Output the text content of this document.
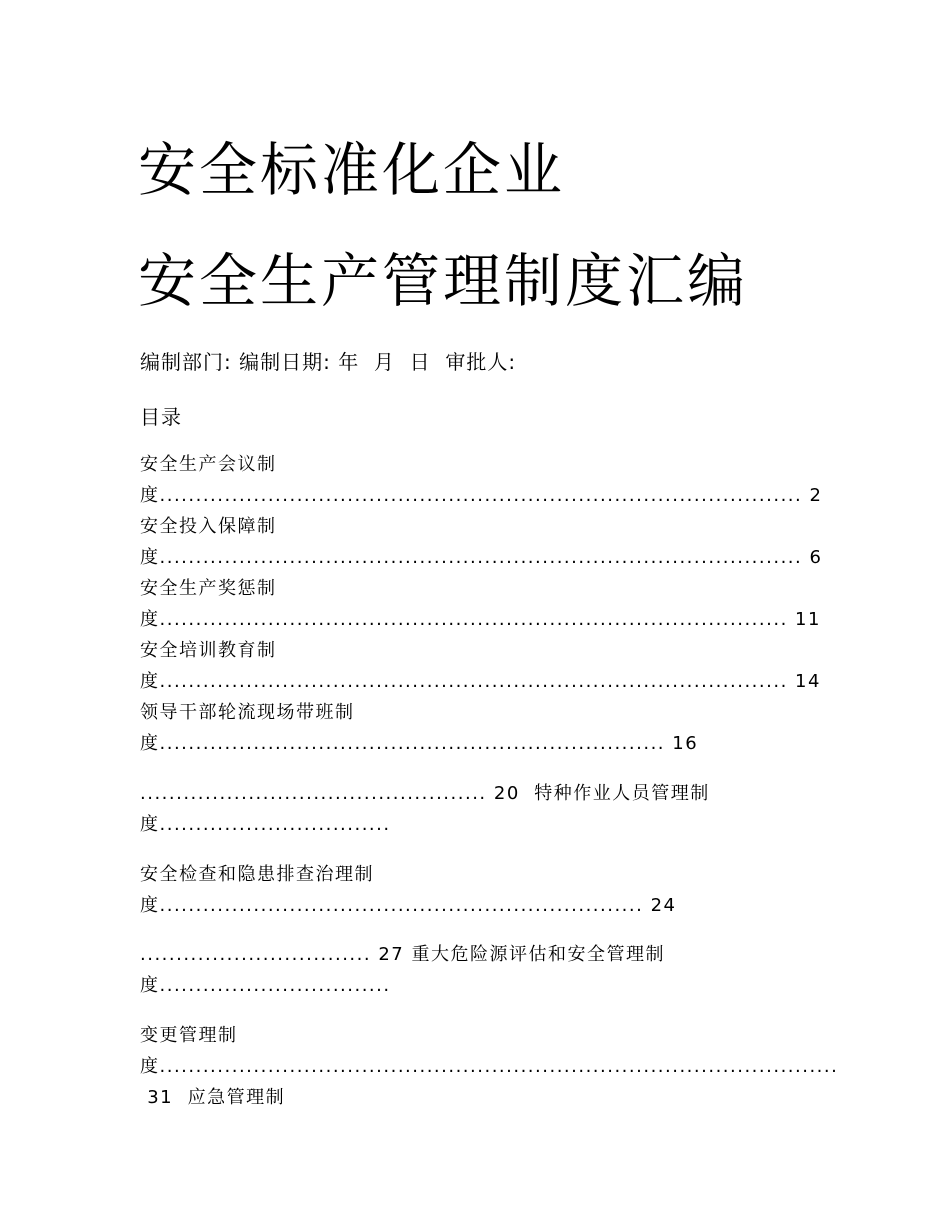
安全标准化企业
安全生产管理制度汇编
编制部门: 编制日期: 年  月  日  审批人:
目录
安全生产会议制
度......................................................................................... 2
安全投入保障制
度......................................................................................... 6
安全生产奖惩制
度....................................................................................... 11
安全培训教育制
度....................................................................................... 14
领导干部轮流现场带班制
度...................................................................... 16
................................................ 20  特种作业人员管理制
度................................
安全检查和隐患排查治理制
度................................................................... 24
................................ 27 重大危险源评估和安全管理制
度................................
变更管理制
度..............................................................................................
31  应急管理制
